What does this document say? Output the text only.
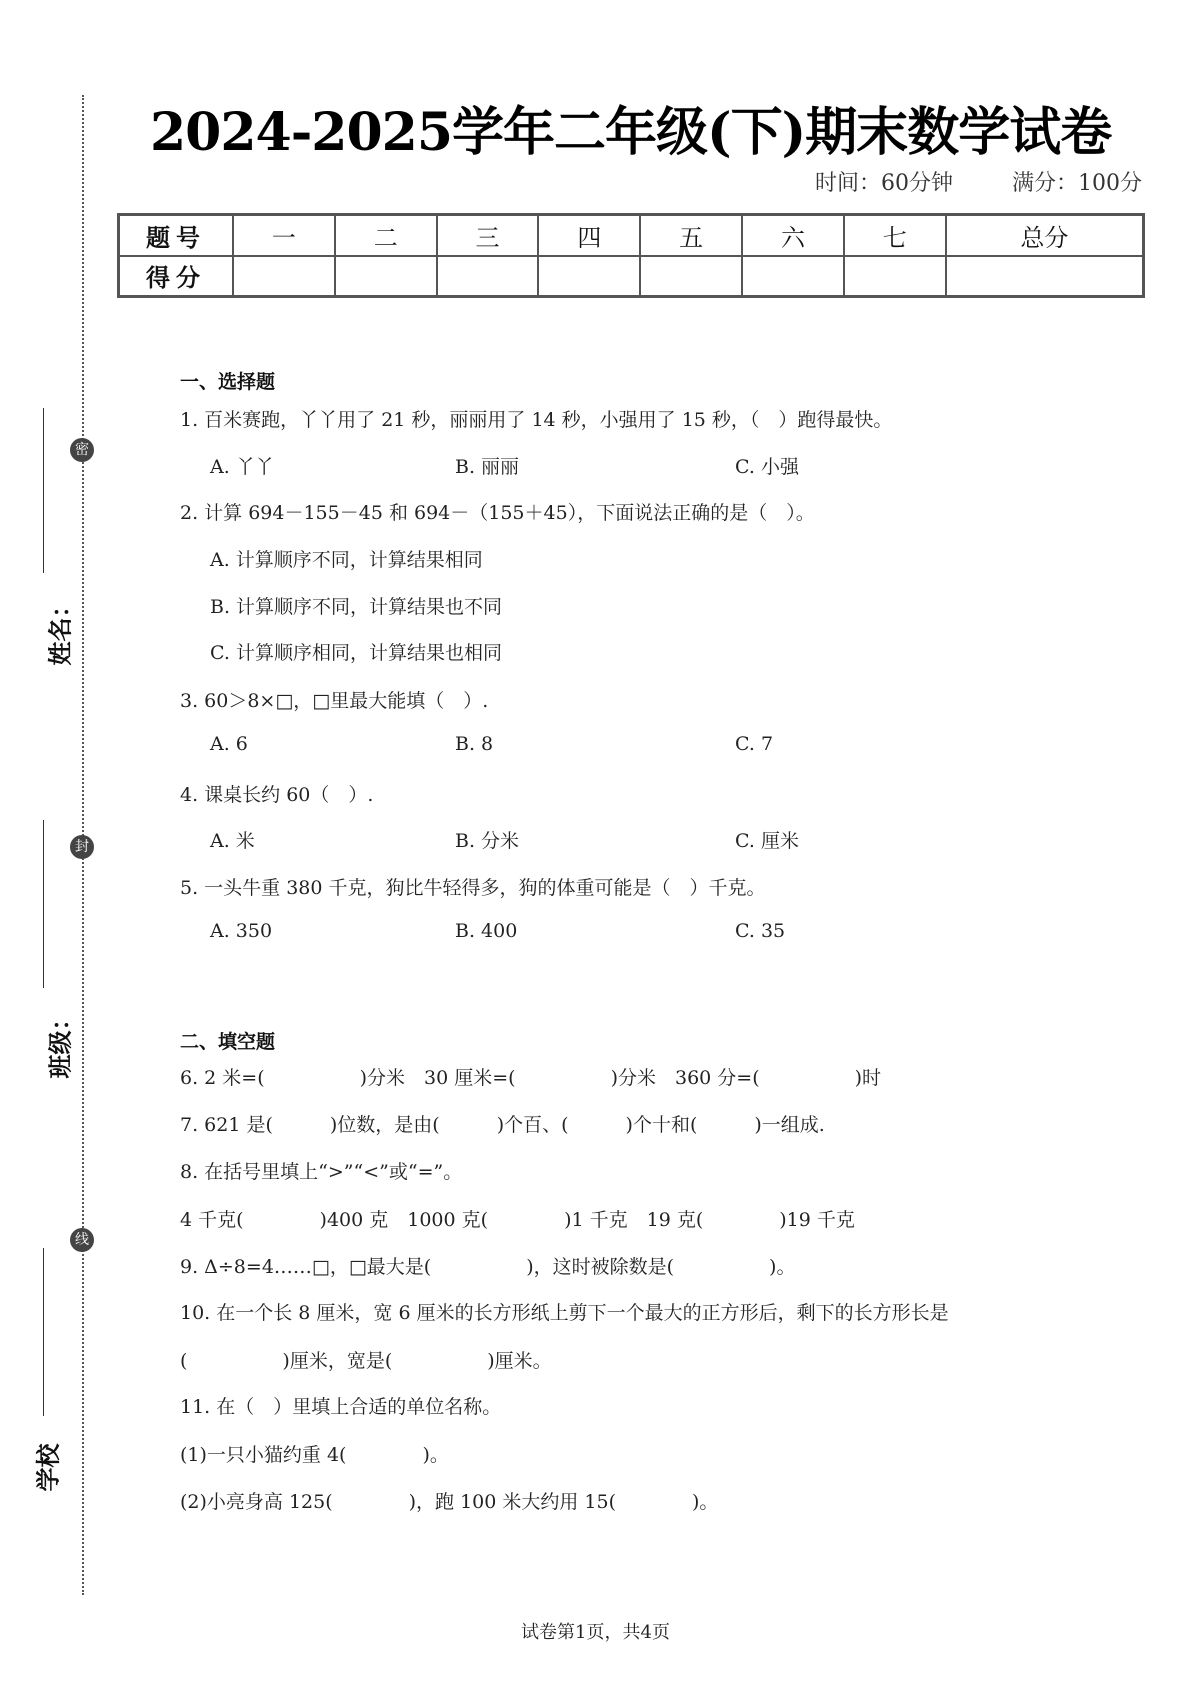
密
封
线
姓名：
班级：
学校
2024-2025学年二年级(下)期末数学试卷
时间：60分钟	满分：100分
题号	一	二	三	四	五	六	七	总分
得分								
一、选择题
1. 百米赛跑，丫丫用了 21 秒，丽丽用了 14 秒，小强用了 15 秒，（　）跑得最快。
A. 丫丫	B. 丽丽	C. 小强
2. 计算 694－155－45 和 694－（155＋45），下面说法正确的是（　）。
A. 计算顺序不同，计算结果相同
B. 计算顺序不同，计算结果也不同
C. 计算顺序相同，计算结果也相同
3. 60＞8×□，□里最大能填（　）.
A. 6	B. 8	C. 7
4. 课桌长约 60（　）.
A. 米	B. 分米	C. 厘米
5. 一头牛重 380 千克，狗比牛轻得多，狗的体重可能是（　）千克。
A. 350	B. 400	C. 35
二、填空题
6. 2 米=(　　　　　)分米　30 厘米=(　　　　　)分米　360 分=(　　　　　)时
7. 621 是(　　　)位数，是由(　　　)个百、(　　　)个十和(　　　)一组成.
8. 在括号里填上“>”“<”或“=”。
4 千克(　　　　)400 克　1000 克(　　　　)1 千克　19 克(　　　　)19 千克
9. Δ÷8=4……□，□最大是(　　　　　)，这时被除数是(　　　　　)。
10. 在一个长 8 厘米，宽 6 厘米的长方形纸上剪下一个最大的正方形后，剩下的长方形长是
(　　　　　)厘米，宽是(　　　　　)厘米。
11. 在（　）里填上合适的单位名称。
(1)一只小猫约重 4(　　　　)。
(2)小亮身高 125(　　　　)，跑 100 米大约用 15(　　　　)。
试卷第1页，共4页
